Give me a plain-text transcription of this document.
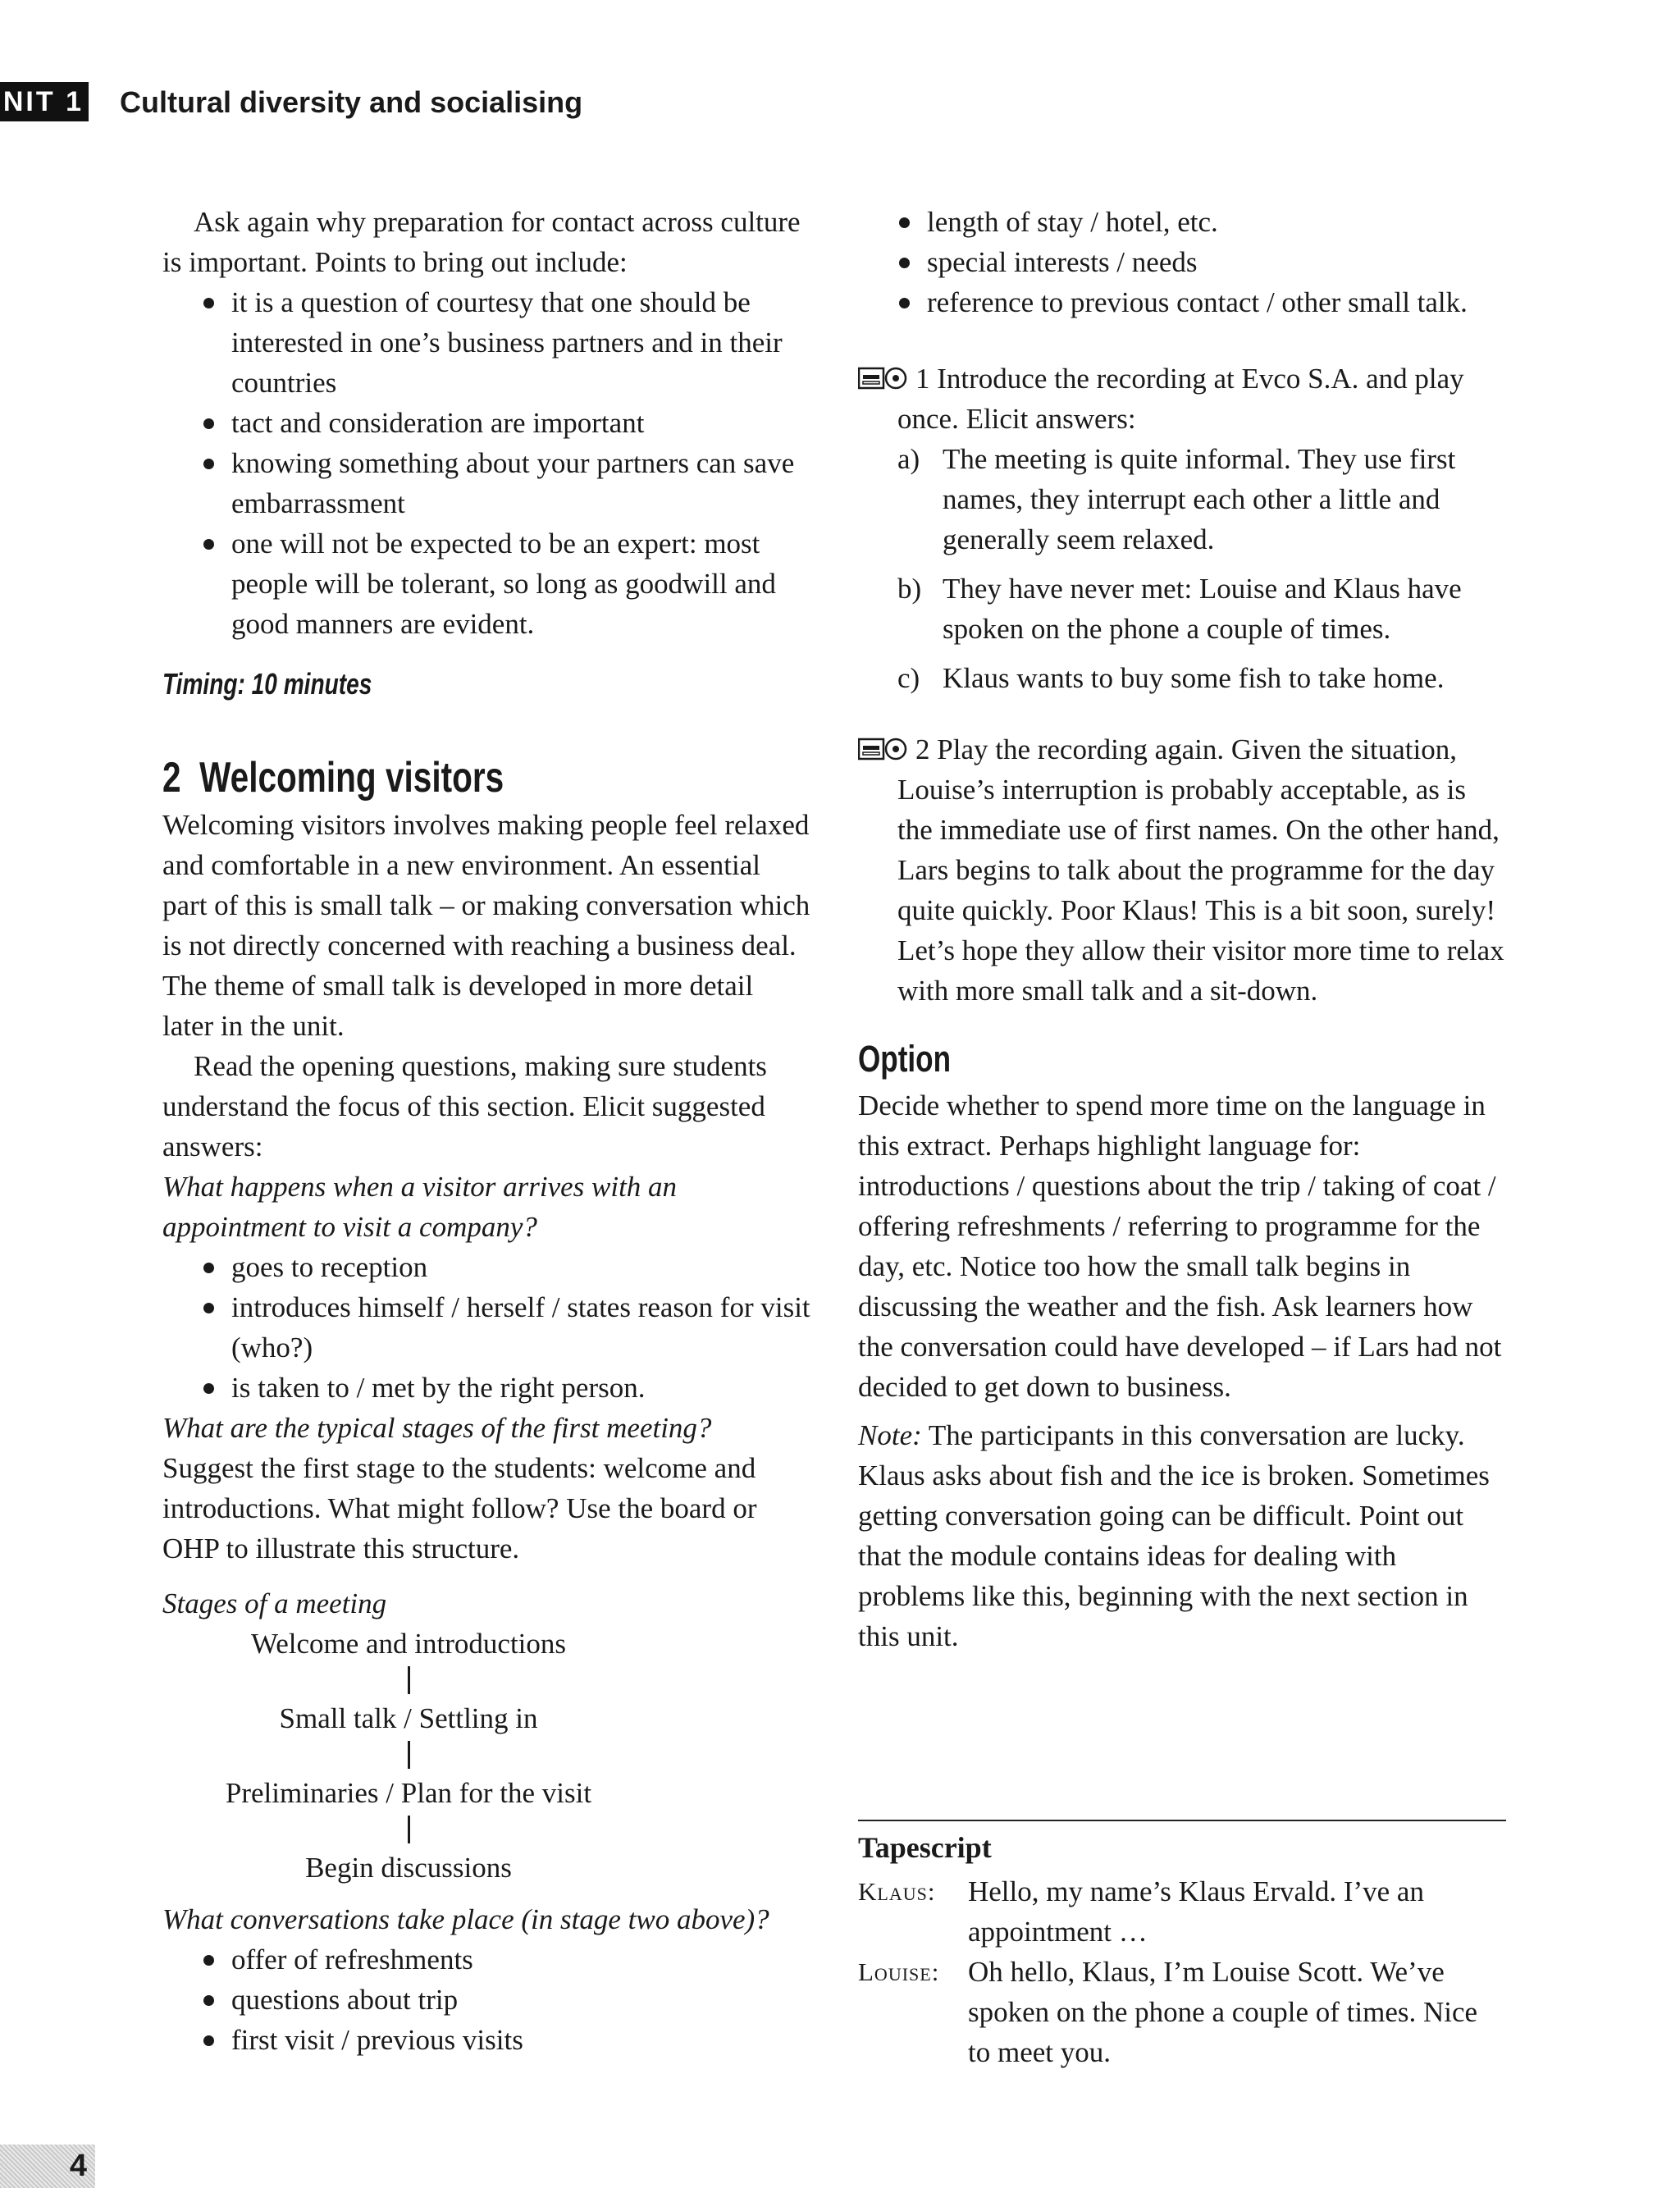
NIT 1 Cultural diversity and socialising

Ask again why preparation for contact across culture is important. Points to bring out include:

it is a question of courtesy that one should be interested in one’s business partners and in their countries
tact and consideration are important
knowing something about your partners can save embarrassment
one will not be expected to be an expert: most people will be tolerant, so long as goodwill and good manners are evident.
Timing: 10 minutes
2  Welcoming visitors

Welcoming visitors involves making people feel relaxed and comfortable in a new environment. An essential part of this is small talk – or making conversation which is not directly concerned with reaching a business deal. The theme of small talk is developed in more detail later in the unit.

Read the opening questions, making sure students understand the focus of this section. Elicit suggested answers:

What happens when a visitor arrives with an appointment to visit a company?

goes to reception
introduces himself / herself / states reason for visit (who?)
is taken to / met by the right person.

What are the typical stages of the first meeting?

Suggest the first stage to the students: welcome and introductions. What might follow? Use the board or OHP to illustrate this structure.

Stages of a meeting

Welcome and introductions
Small talk / Settling in
Preliminaries / Plan for the visit
Begin discussions

What conversations take place (in stage two above)?

offer of refreshments
questions about trip
first visit / previous visits
length of stay / hotel, etc.
special interests / needs
reference to previous contact / other small talk.

1 Introduce the recording at Evco S.A. and play once. Elicit answers:

a) The meeting is quite informal. They use first names, they interrupt each other a little and generally seem relaxed.
b) They have never met: Louise and Klaus have spoken on the phone a couple of times.
c) Klaus wants to buy some fish to take home.

2 Play the recording again. Given the situation, Louise’s interruption is probably acceptable, as is the immediate use of first names. On the other hand, Lars begins to talk about the programme for the day quite quickly. Poor Klaus! This is a bit soon, surely! Let’s hope they allow their visitor more time to relax with more small talk and a sit-down.

Option

Decide whether to spend more time on the language in this extract. Perhaps highlight language for: introductions / questions about the trip / taking of coat / offering refreshments / referring to programme for the day, etc. Notice too how the small talk begins in discussing the weather and the fish. Ask learners how the conversation could have developed – if Lars had not decided to get down to business.

Note: The participants in this conversation are lucky. Klaus asks about fish and the ice is broken. Sometimes getting conversation going can be difficult. Point out that the module contains ideas for dealing with problems like this, beginning with the next section in this unit.

Tapescript
Klaus: Hello, my name’s Klaus Ervald. I’ve an appointment …
Louise: Oh hello, Klaus, I’m Louise Scott. We’ve spoken on the phone a couple of times. Nice to meet you.
4
